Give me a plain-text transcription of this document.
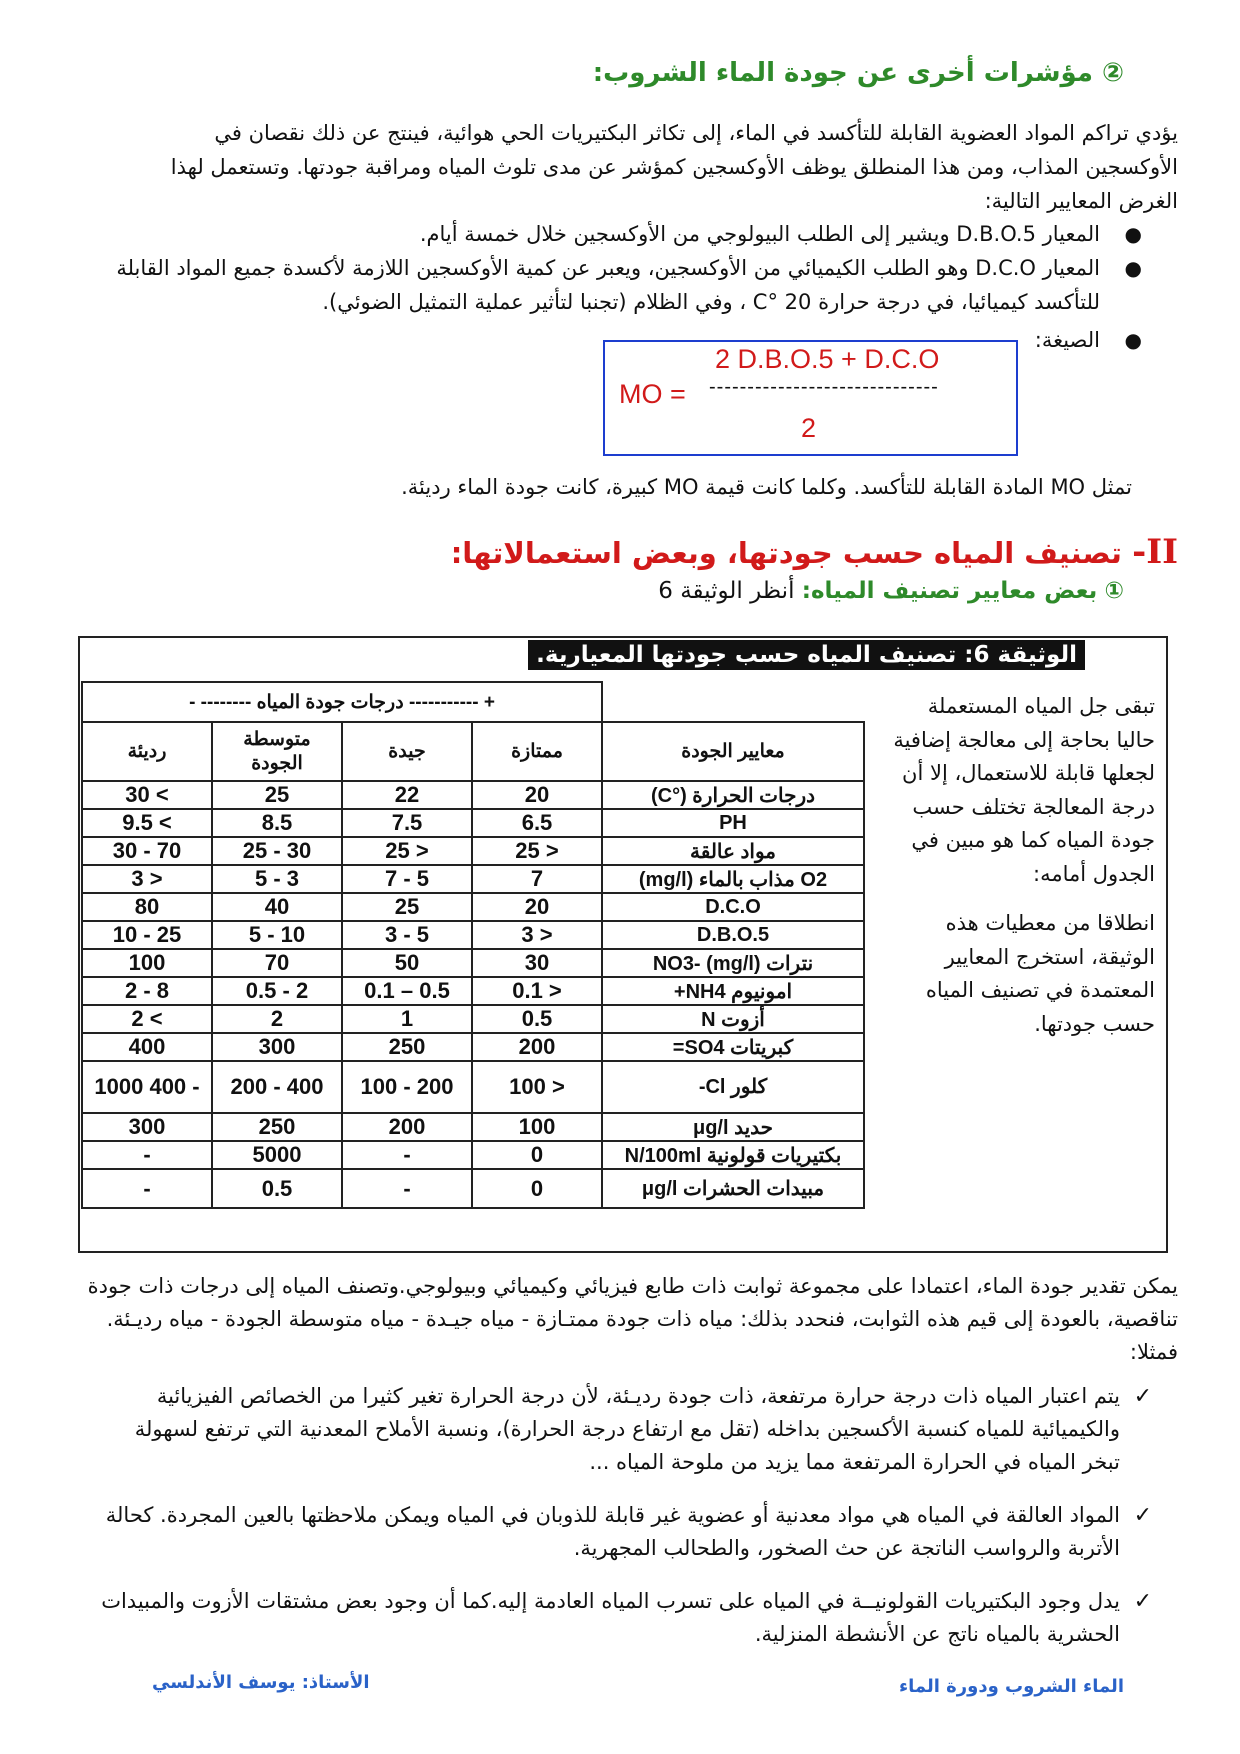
② مؤشرات أخرى عن جودة الماء الشروب:
يؤدي تراكم المواد العضوية القابلة للتأكسد في الماء، إلى تكاثر البكتيريات الحي هوائية، فينتج عن ذلك نقصان في الأوكسجين المذاب، ومن هذا المنطلق يوظف الأوكسجين كمؤشر عن مدى تلوث المياه ومراقبة جودتها. وتستعمل لهذا الغرض المعايير التالية:
●
المعيار D.B.O.5 ويشير إلى الطلب البيولوجي من الأوكسجين خلال خمسة أيام.
●
المعيار D.C.O وهو الطلب الكيميائي من الأوكسجين، ويعبر عن كمية الأوكسجين اللازمة لأكسدة جميع المواد القابلة للتأكسد كيميائيا، في درجة حرارة 20 °C ، وفي الظلام (تجنبا لتأثير عملية التمثيل الضوئي).
●
الصيغة:
2 D.B.O.5 + D.C.O
MO = ------------------------------
2
تمثل MO المادة القابلة للتأكسد. وكلما كانت قيمة MO كبيرة، كانت جودة الماء رديئة.
II- تصنيف المياه حسب جودتها، وبعض استعمالاتها:
① بعض معايير تصنيف المياه: أنظر الوثيقة 6
الوثيقة 6: تصنيف المياه حسب جودتها المعيارية.
	+ ----------- درجات جودة المياه -------- -			
معايير الجودة	ممتازة	جيدة	متوسطة الجودة	رديئة
درجات الحرارة (°C)	20	22	25	> 30
PH	6.5	7.5	8.5	> 9.5
مواد عالقة	< 25	< 25	30 - 25	70 - 30
O2 مذاب بالماء (mg/l)	7	5 - 7	3 - 5	< 3
D.C.O	20	25	40	80
D.B.O.5	< 3	5 - 3	10 - 5	25 - 10
نترات NO3- (mg/l)	30	50	70	100
امونيوم NH4+	< 0.1	0.5 – 0.1	2 - 0.5	8 - 2
أزوت N	0.5	1	2	> 2
كبريتات SO4=	200	250	300	400
كلور Cl-	< 100	200 - 100	400 - 200	- 400 1000
حديد μg/l	100	200	250	300
بكتيريات قولونية N/100ml	0	-	5000	-
مبيدات الحشرات μg/l	0	-	0.5	-
تبقى جل المياه المستعملة حاليا بحاجة إلى معالجة إضافية لجعلها قابلة للاستعمال، إلا أن درجة المعالجة تختلف حسب جودة المياه كما هو مبين في الجدول أمامه:
انطلاقا من معطيات هذه الوثيقة، استخرج المعايير المعتمدة في تصنيف المياه حسب جودتها.
يمكن تقدير جودة الماء، اعتمادا على مجموعة ثوابت ذات طابع فيزيائي وكيميائي وبيولوجي.وتصنف المياه إلى درجات ذات جودة تناقصية، بالعودة إلى قيم هذه الثوابت، فنحدد بذلك: مياه ذات جودة ممتـازة - مياه جيـدة - مياه متوسطة الجودة - مياه رديـئة. فمثلا:
✓
يتم اعتبار المياه ذات درجة حرارة مرتفعة، ذات جودة رديـئة، لأن درجة الحرارة تغير كثيرا من الخصائص الفيزيائية والكيميائية للمياه كنسبة الأكسجين بداخله (تقل مع ارتفاع درجة الحرارة)، ونسبة الأملاح المعدنية التي ترتفع لسهولة تبخر المياه في الحرارة المرتفعة مما يزيد من ملوحة المياه ...
✓
المواد العالقة في المياه هي مواد معدنية أو عضوية غير قابلة للذوبان في المياه ويمكن ملاحظتها بالعين المجردة. كحالة الأتربة والرواسب الناتجة عن حث الصخور، والطحالب المجهرية.
✓
يدل وجود البكتيريات القولونيــة في المياه على تسرب المياه العادمة إليه.كما أن وجود بعض مشتقات الأزوت والمبيدات الحشرية بالمياه ناتج عن الأنشطة المنزلية.
الماء الشروب ودورة الماء
الأستاذ: يوسف الأندلسي
